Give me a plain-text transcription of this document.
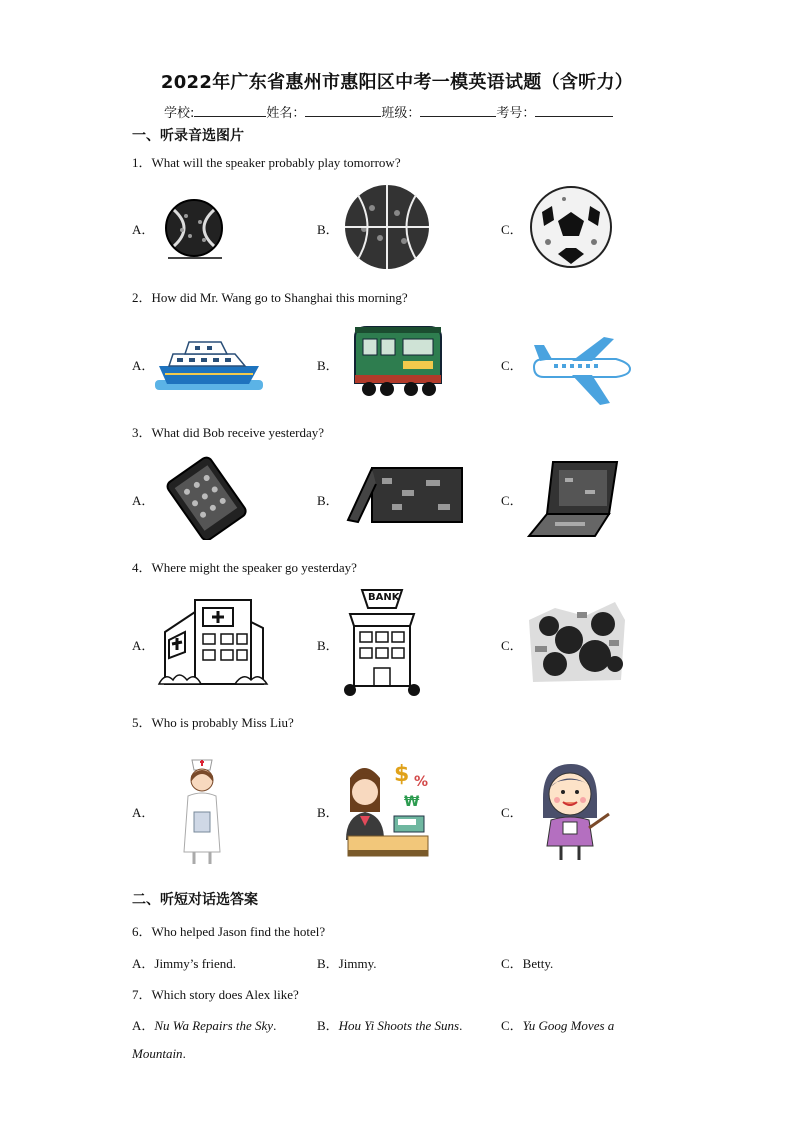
2022年广东省惠州市惠阳区中考一模英语试题（含听力）
学校:	姓名：	班级：	考号：
一、听录音选图片
1．What will the speaker probably play tomorrow?
A．	B．	C．
2．How did Mr. Wang go to Shanghai this morning?
A．	B．	C．
3．What did Bob receive yesterday?
A．	B．	C．
4．Where might the speaker go yesterday?
A．	B．	C．
BANK
5．Who is probably Miss Liu?
A．	B．	C．
$ %
₩
二、听短对话选答案
6．Who helped Jason find the hotel?
A．Jimmy’s friend.	B．Jimmy.	C．Betty.
7．Which story does Alex like?
A．Nu Wa Repairs the Sky.	B．Hou Yi Shoots the Suns.	C．Yu Goog Moves a
Mountain.
